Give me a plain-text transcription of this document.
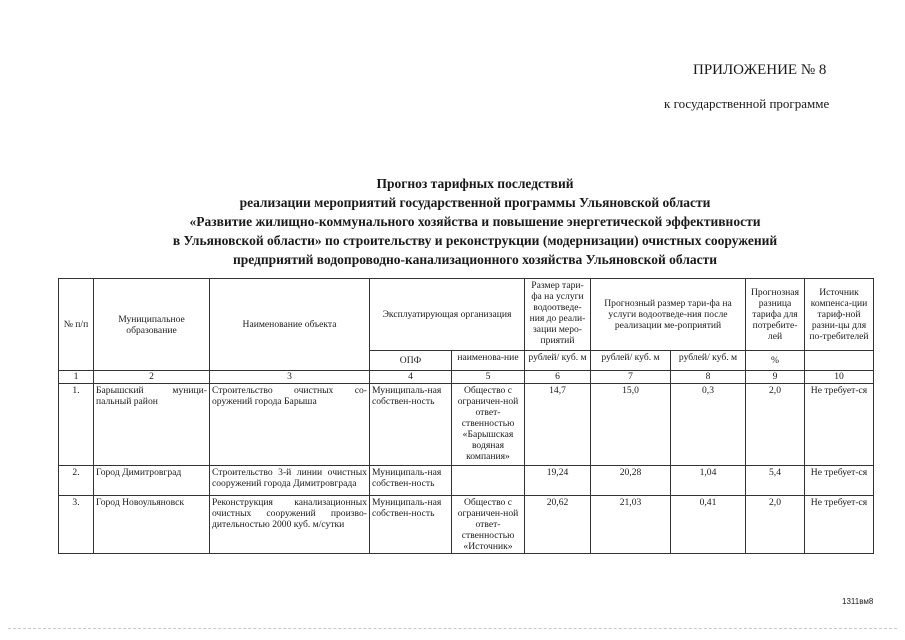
ПРИЛОЖЕНИЕ № 8
к государственной программе
Прогноз тарифных последствий
реализации мероприятий государственной программы Ульяновской области
«Развитие жилищно-коммунального хозяйства и повышение энергетической эффективности
в Ульяновской области» по строительству и реконструкции (модернизации) очистных сооружений
предприятий водопроводно-канализационного хозяйства Ульяновской области
№ п/п	Муниципальное образование	Наименование объекта	Эксплуатирующая организация		Размер тари-фа на услуги водоотведе-ния до реали-зации меро-приятий	Прогнозный размер тари-фа на услуги водоотведе-ния после реализации ме-роприятий		Прогнозная разница тарифа для потребите-лей	Источник компенса-ции тариф-ной разни-цы для по-требителей
			ОПФ	наименова-ние	рублей/ куб. м	рублей/ куб. м	рублей/ куб. м	%	
1	2	3	4	5	6	7	8	9	10
1.	Барышский муници-пальный район	Строительство очистных со-оружений города Барыша	Муниципаль-ная собствен-ность	Общество с ограничен-ной ответ-ственностью «Барышская водяная компания»	14,7	15,0	0,3	2,0	Не требует-ся
2.	Город Димитровград	Строительство 3-й линии очистных сооружений города Димитровграда	Муниципаль-ная собствен-ность		19,24	20,28	1,04	5,4	Не требует-ся
3.	Город Новоульяновск	Реконструкция канализационных очистных сооружений произво-дительностью 2000 куб. м/сутки	Муниципаль-ная собствен-ность	Общество с ограничен-ной ответ-ственностью «Источник»	20,62	21,03	0,41	2,0	Не требует-ся
1311вм8
